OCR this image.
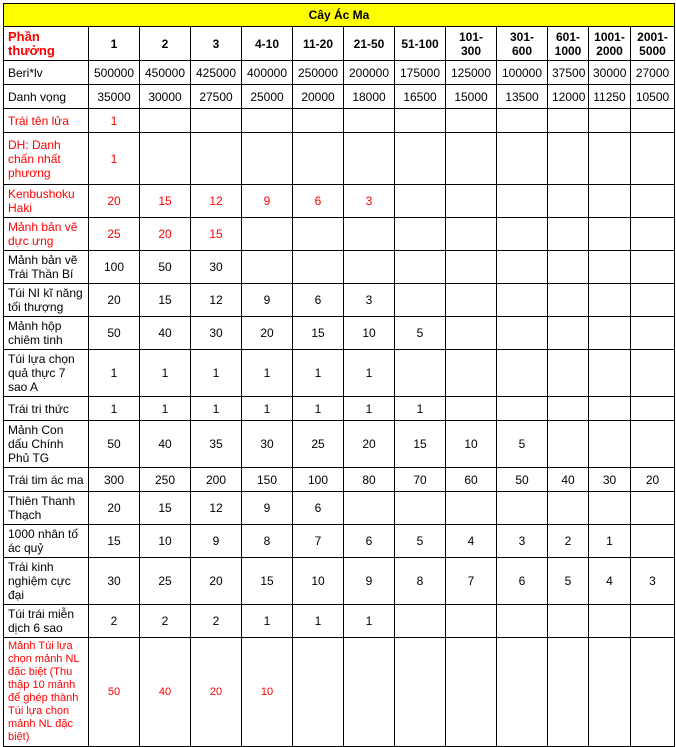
Cây Ác Ma												
Phần thưởng	1	2	3	4-10	11-20	21-50	51-100	101-300	301-600	601-1000	1001-2000	2001-5000
Beri*lv	500000	450000	425000	400000	250000	200000	175000	125000	100000	37500	30000	27000
Danh vọng	35000	30000	27500	25000	20000	18000	16500	15000	13500	12000	11250	10500
Trái tên lửa	1											
DH: Danh chấn nhất phương	1											
Kenbushoku Haki	20	15	12	9	6	3						
Mảnh bản vẽ dực ưng	25	20	15									
Mảnh bản vẽ Trái Thần Bí	100	50	30									
Túi NI kĩ năng tối thượng	20	15	12	9	6	3						
Mảnh hộp chiêm tinh	50	40	30	20	15	10	5					
Túi lựa chọn quả thực 7 sao A	1	1	1	1	1	1						
Trái tri thức	1	1	1	1	1	1	1					
Mảnh Con dấu Chính Phủ TG	50	40	35	30	25	20	15	10	5			
Trái tim ác ma	300	250	200	150	100	80	70	60	50	40	30	20
Thiên Thanh Thạch	20	15	12	9	6							
1000 nhân tố ác quỷ	15	10	9	8	7	6	5	4	3	2	1	
Trái kinh nghiệm cực đại	30	25	20	15	10	9	8	7	6	5	4	3
Túi trái miễn dịch 6 sao	2	2	2	1	1	1						
Mảnh Túi lựa chọn mảnh NL đặc biệt (Thu thập 10 mảnh để ghép thành Túi lựa chọn mảnh NL đặc biệt)	50	40	20	10								
